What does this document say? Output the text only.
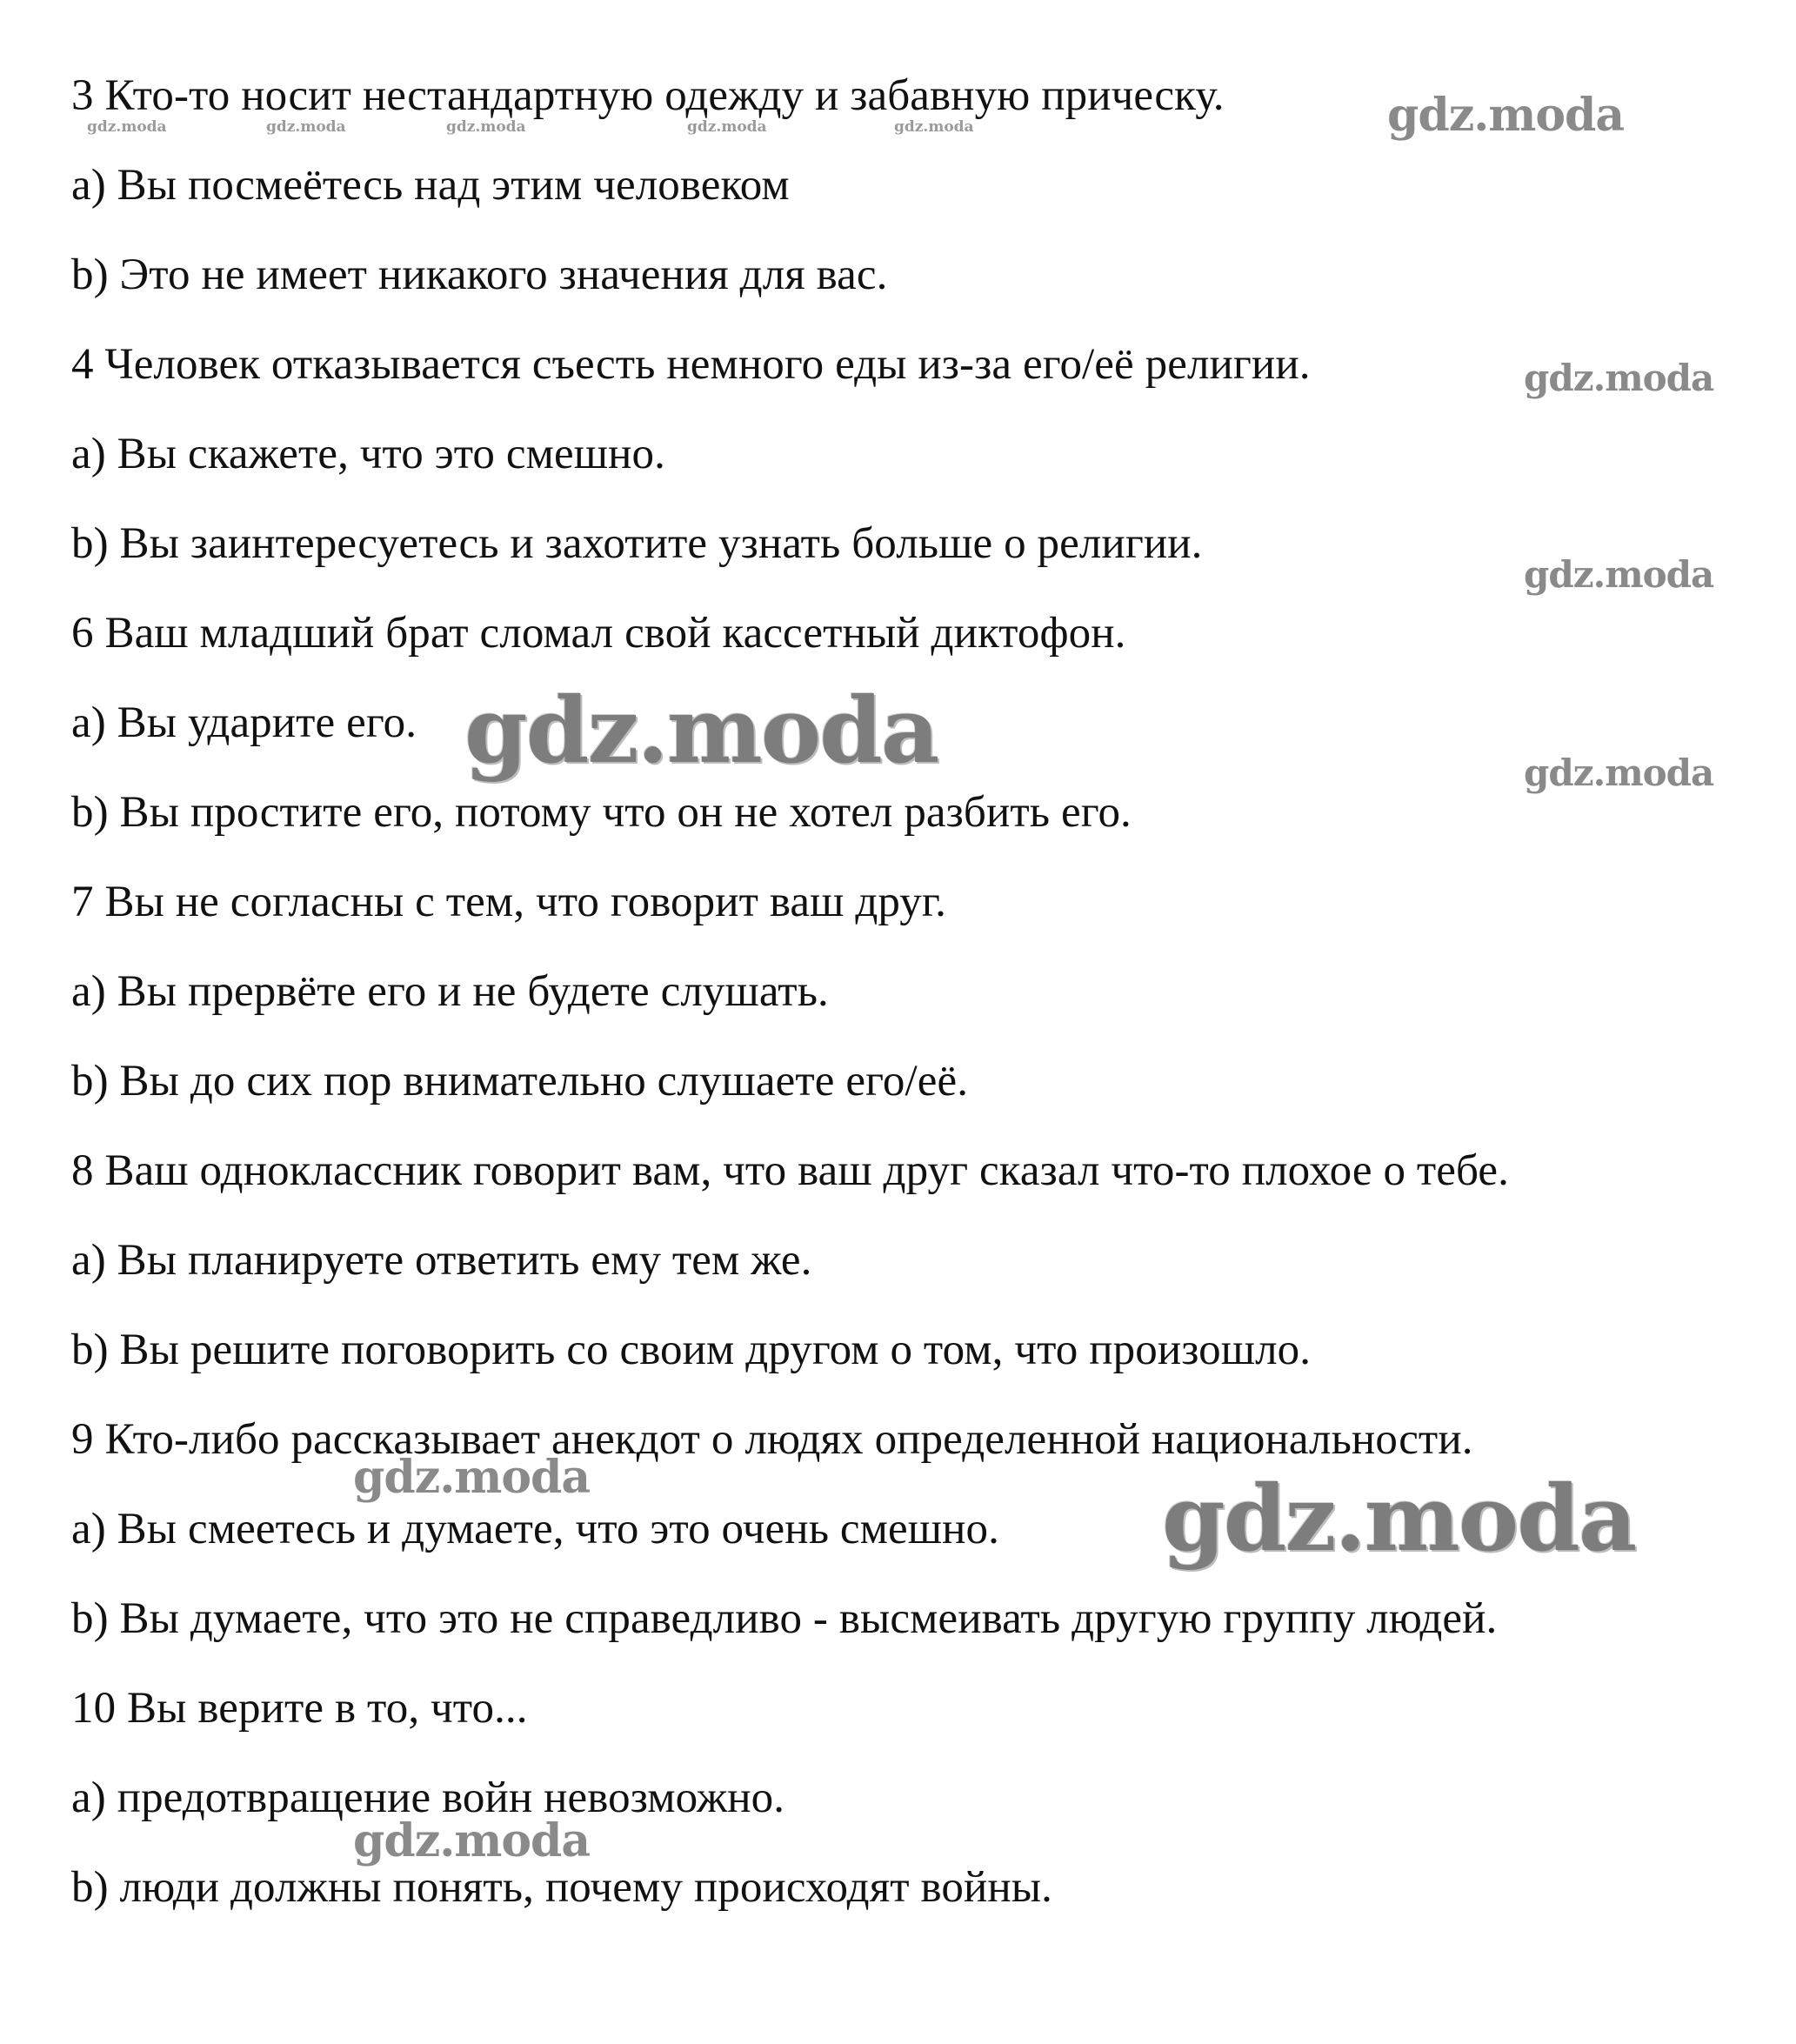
3 Кто-то носит нестандартную одежду и забавную прическу.
a) Вы посмеётесь над этим человеком
b) Это не имеет никакого значения для вас.
4 Человек отказывается съесть немного еды из-за его/её религии.
a) Вы скажете, что это смешно.
b) Вы заинтересуетесь и захотите узнать больше о религии.
6 Ваш младший брат сломал свой кассетный диктофон.
a) Вы ударите его.
b) Вы простите его, потому что он не хотел разбить его.
7 Вы не согласны с тем, что говорит ваш друг.
a) Вы прервёте его и не будете слушать.
b) Вы до сих пор внимательно слушаете его/её.
8 Ваш одноклассник говорит вам, что ваш друг сказал что-то плохое о тебе.
a) Вы планируете ответить ему тем же.
b) Вы решите поговорить со своим другом о том, что произошло.
9 Кто-либо рассказывает анекдот о людях определенной национальности.
a) Вы смеетесь и думаете, что это очень смешно.
b) Вы думаете, что это не справедливо - высмеивать другую группу людей.
10 Вы верите в то, что...
a) предотвращение войн невозможно.
b) люди должны понять, почему происходят войны.
gdz.moda	gdz.moda	gdz.moda	gdz.moda	gdz.moda	gdz.moda
gdz.moda
gdz.moda
gdz.moda
gdz.moda
gdz.moda	gdz.moda
gdz.moda
